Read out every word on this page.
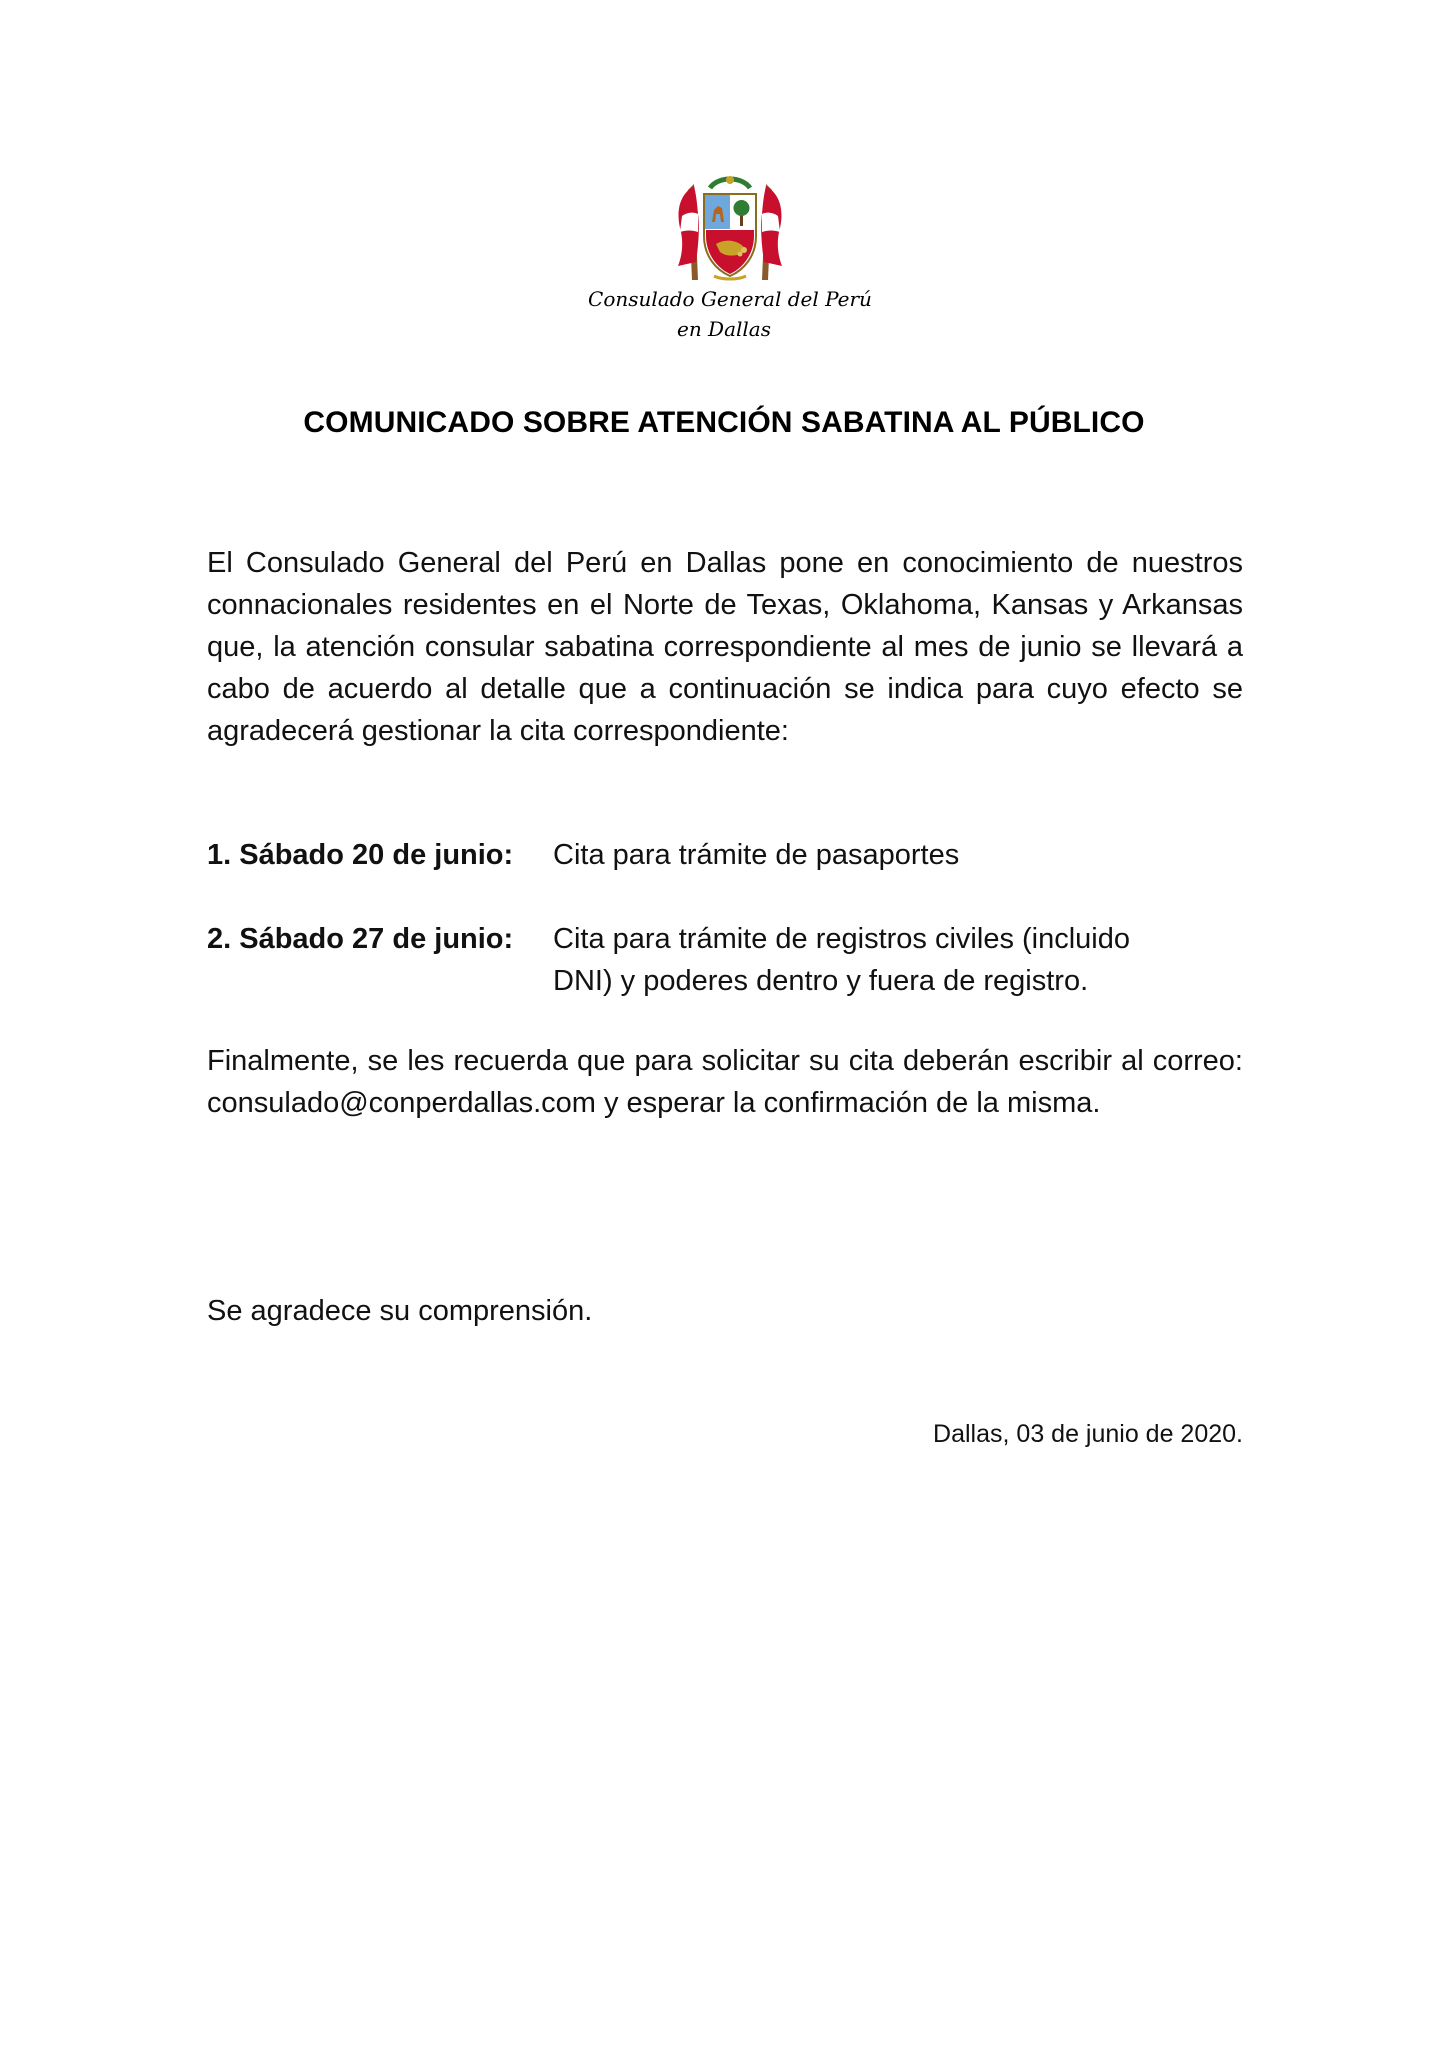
Consulado General del Perú
en Dallas
COMUNICADO SOBRE ATENCIÓN SABATINA AL PÚBLICO
El Consulado General del Perú en Dallas pone en conocimiento de nuestros connacionales residentes en el Norte de Texas, Oklahoma, Kansas y Arkansas que, la atención consular sabatina correspondiente al mes de junio se llevará a cabo de acuerdo al detalle que a continuación se indica para cuyo efecto se agradecerá gestionar la cita correspondiente:
1. Sábado 20 de junio: Cita para trámite de pasaportes
2. Sábado 27 de junio: Cita para trámite de registros civiles (incluido DNI) y poderes dentro y fuera de registro.
Finalmente, se les recuerda que para solicitar su cita deberán escribir al correo: consulado@conperdallas.com y esperar la confirmación de la misma.
Se agradece su comprensión.
Dallas, 03 de junio de 2020.
